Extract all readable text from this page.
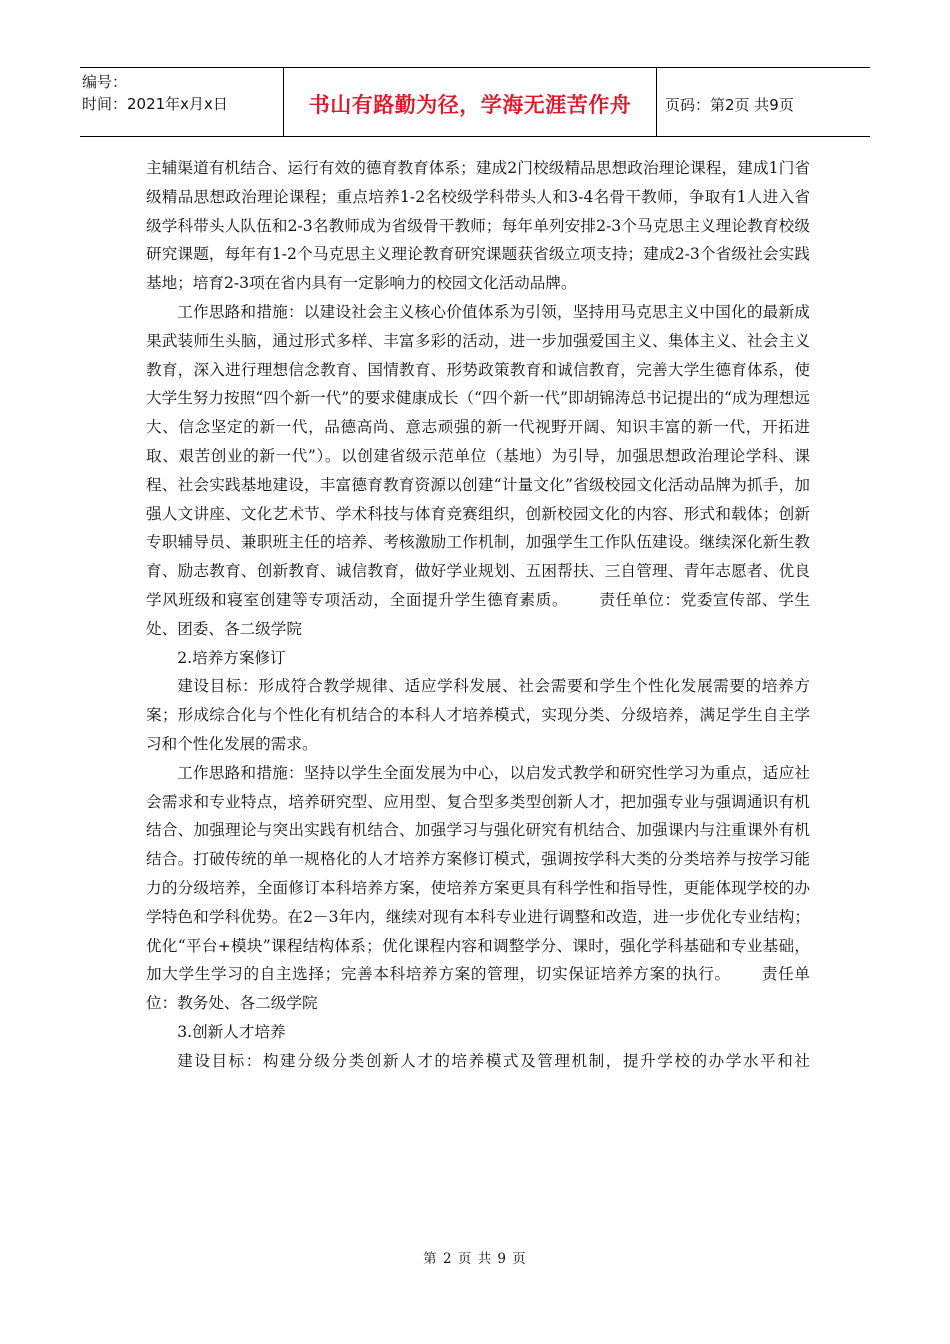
编号：
时间：2021年x月x日	书山有路勤为径，学海无涯苦作舟	页码：第2页 共9页

主辅渠道有机结合、运行有效的德育教育体系；建成2门校级精品思想政治理论课程，建成1门省级精品思想政治理论课程；重点培养1-2名校级学科带头人和3-4名骨干教师，争取有1人进入省级学科带头人队伍和2-3名教师成为省级骨干教师；每年单列安排2-3个马克思主义理论教育校级研究课题，每年有1-2个马克思主义理论教育研究课题获省级立项支持；建成2-3个省级社会实践基地；培育2-3项在省内具有一定影响力的校园文化活动品牌。

工作思路和措施：以建设社会主义核心价值体系为引领，坚持用马克思主义中国化的最新成果武装师生头脑，通过形式多样、丰富多彩的活动，进一步加强爱国主义、集体主义、社会主义教育，深入进行理想信念教育、国情教育、形势政策教育和诚信教育，完善大学生德育体系，使大学生努力按照“四个新一代”的要求健康成长（“四个新一代”即胡锦涛总书记提出的“成为理想远大、信念坚定的新一代，品德高尚、意志顽强的新一代视野开阔、知识丰富的新一代，开拓进取、艰苦创业的新一代”）。以创建省级示范单位（基地）为引导，加强思想政治理论学科、课程、社会实践基地建设，丰富德育教育资源以创建“计量文化”省级校园文化活动品牌为抓手，加强人文讲座、文化艺术节、学术科技与体育竞赛组织，创新校园文化的内容、形式和载体；创新专职辅导员、兼职班主任的培养、考核激励工作机制，加强学生工作队伍建设。继续深化新生教育、励志教育、创新教育、诚信教育，做好学业规划、五困帮扶、三自管理、青年志愿者、优良学风班级和寝室创建等专项活动，全面提升学生德育素质。 责任单位：党委宣传部、学生处、团委、各二级学院

2.培养方案修订

建设目标：形成符合教学规律、适应学科发展、社会需要和学生个性化发展需要的培养方案；形成综合化与个性化有机结合的本科人才培养模式，实现分类、分级培养，满足学生自主学习和个性化发展的需求。

工作思路和措施：坚持以学生全面发展为中心，以启发式教学和研究性学习为重点，适应社会需求和专业特点，培养研究型、应用型、复合型多类型创新人才，把加强专业与强调通识有机结合、加强理论与突出实践有机结合、加强学习与强化研究有机结合、加强课内与注重课外有机结合。打破传统的单一规格化的人才培养方案修订模式，强调按学科大类的分类培养与按学习能力的分级培养，全面修订本科培养方案，使培养方案更具有科学性和指导性，更能体现学校的办学特色和学科优势。在2－3年内，继续对现有本科专业进行调整和改造，进一步优化专业结构；优化“平台+模块”课程结构体系；优化课程内容和调整学分、课时，强化学科基础和专业基础，加大学生学习的自主选择；完善本科培养方案的管理，切实保证培养方案的执行。 责任单位：教务处、各二级学院

3.创新人才培养

建设目标：构建分级分类创新人才的培养模式及管理机制，提升学校的办学水平和社

第 2 页 共 9 页
